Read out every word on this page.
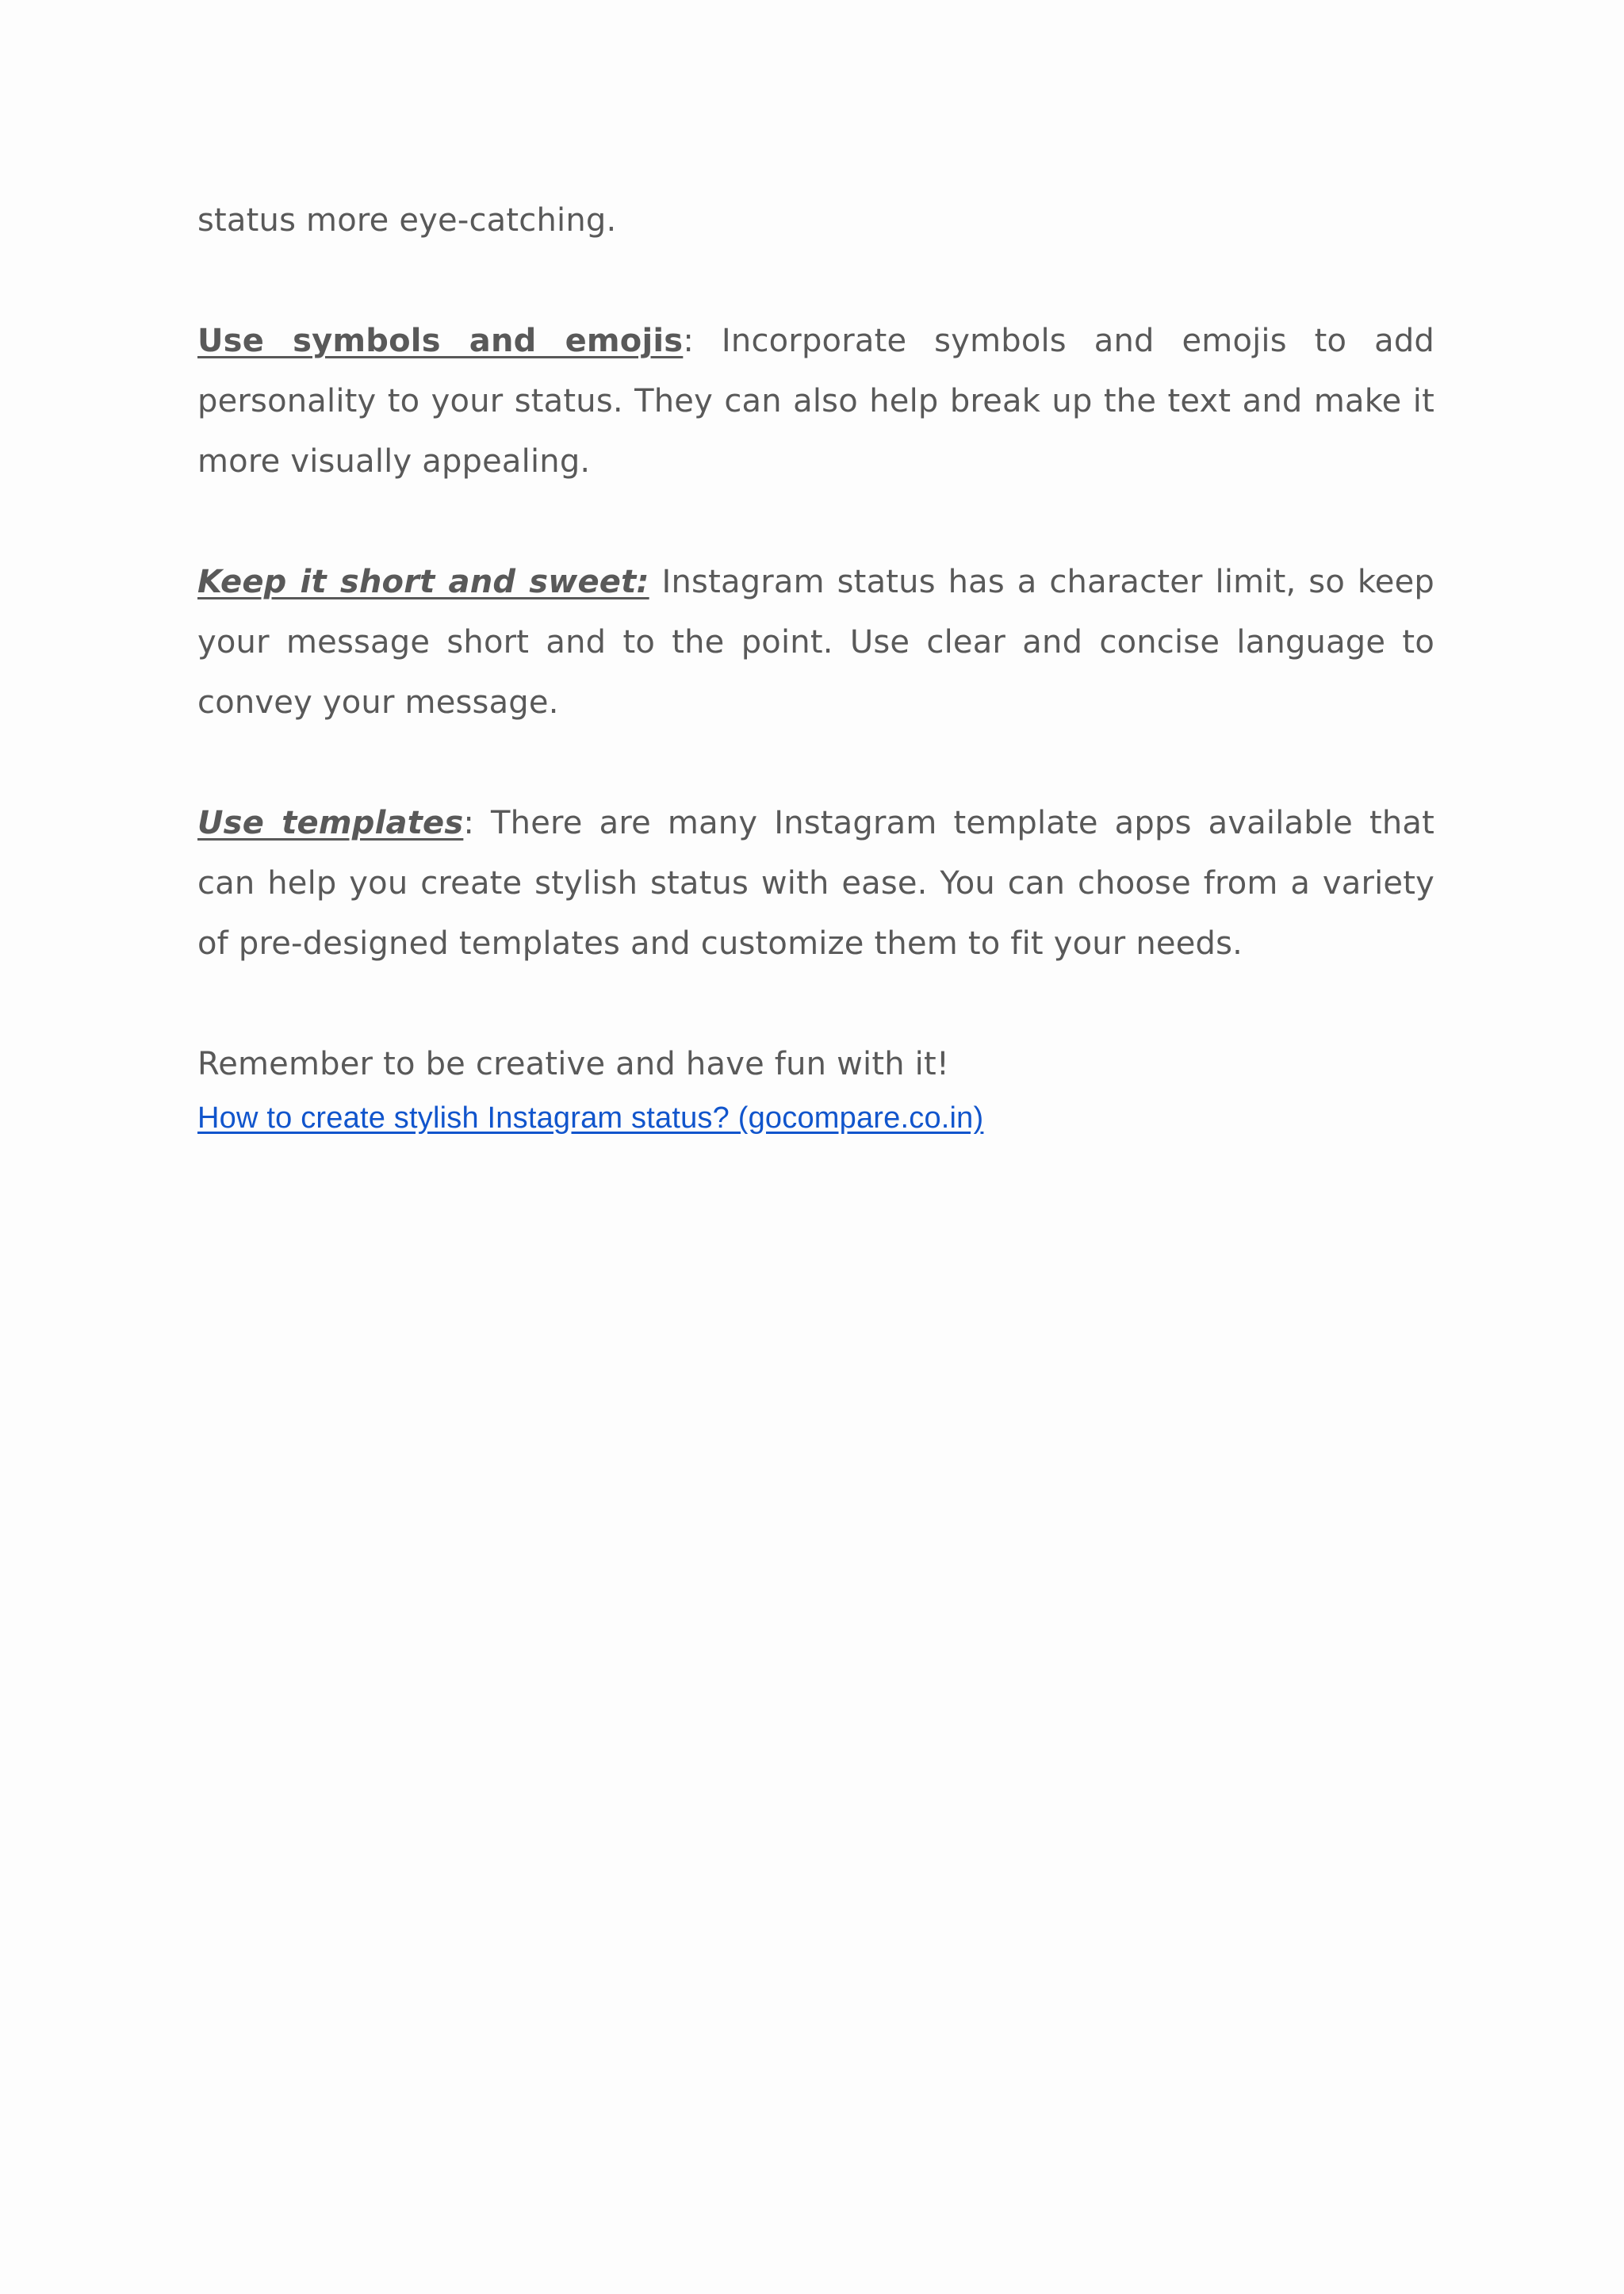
status more eye-catching.

Use symbols and emojis: Incorporate symbols and emojis to add personality to your status. They can also help break up the text and make it more visually appealing.

Keep it short and sweet: Instagram status has a character limit, so keep your message short and to the point. Use clear and concise language to convey your message.

Use templates: There are many Instagram template apps available that can help you create stylish status with ease. You can choose from a variety of pre-designed templates and customize them to fit your needs.

Remember to be creative and have fun with it!

How to create stylish Instagram status? (gocompare.co.in)
